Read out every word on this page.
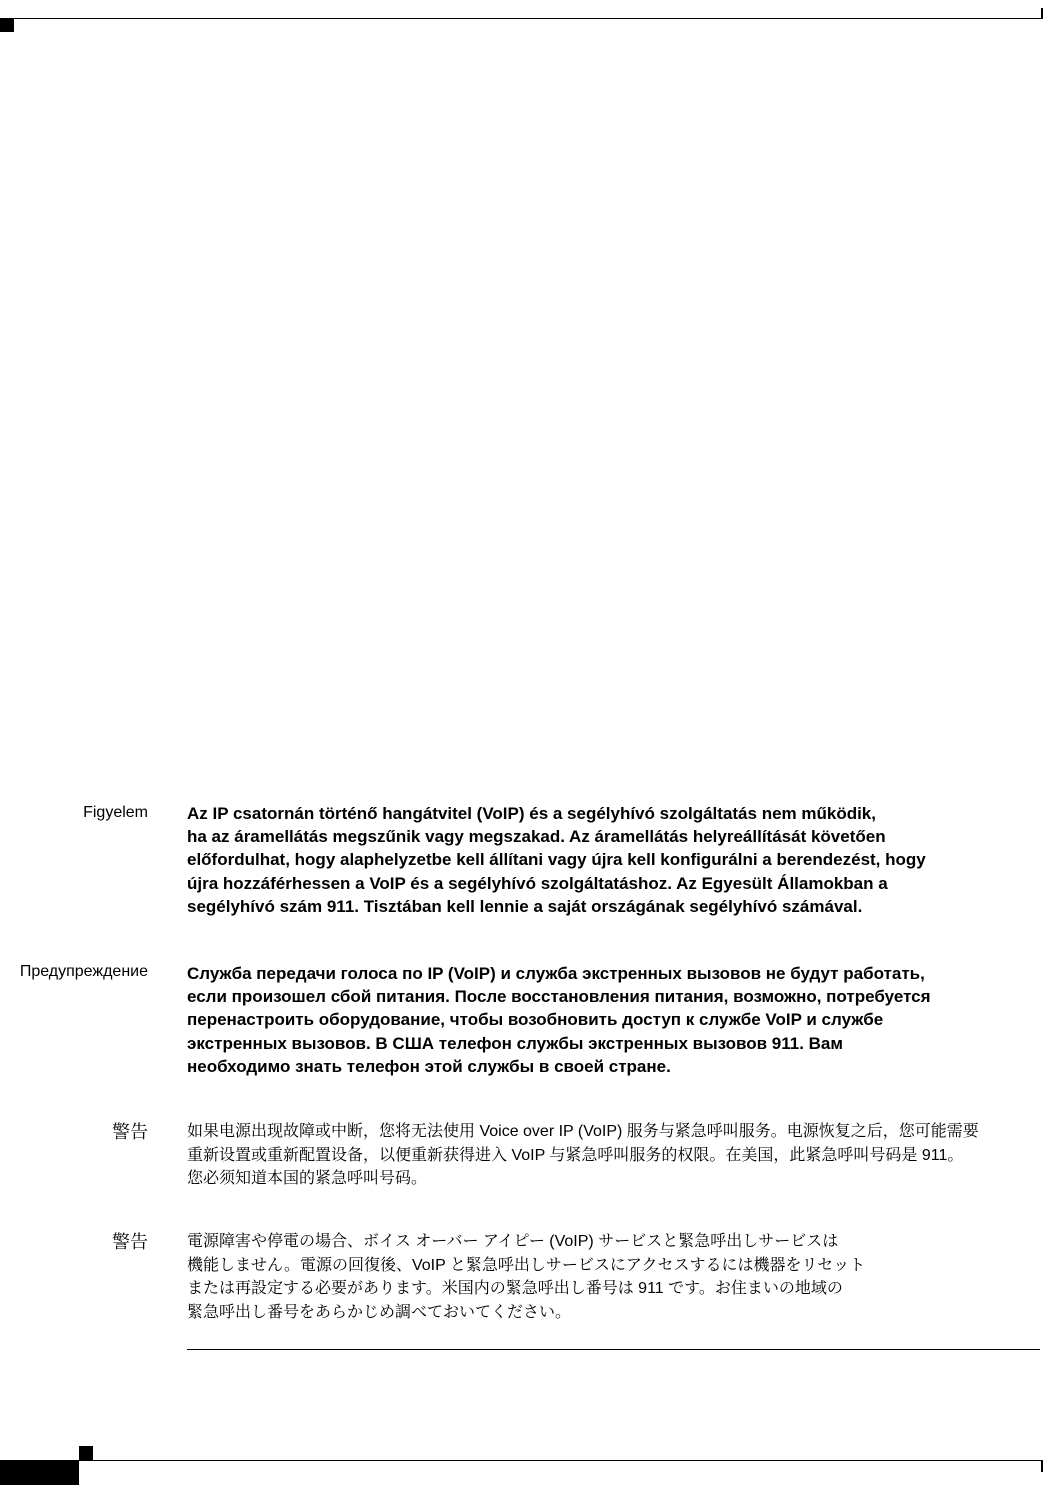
Figyelem Az IP csatornán történő hangátvitel (VoIP) és a segélyhívó szolgáltatás nem működik,
ha az áramellátás megszűnik vagy megszakad. Az áramellátás helyreállítását követően
előfordulhat, hogy alaphelyzetbe kell állítani vagy újra kell konfigurálni a berendezést, hogy
újra hozzáférhessen a VoIP és a segélyhívó szolgáltatáshoz. Az Egyesült Államokban a
segélyhívó szám 911. Tisztában kell lennie a saját országának segélyhívó számával.
Предупреждение Служба передачи голоса по IP (VoIP) и служба экстренных вызовов не будут работать,
если произошел сбой питания. После восстановления питания, возможно, потребуется
перенастроить оборудование, чтобы возобновить доступ к службе VoIP и службе
экстренных вызовов. В США телефон службы экстренных вызовов 911. Вам
необходимо знать телефон этой службы в своей стране.
警告 如果电源出现故障或中断，您将无法使用 Voice over IP (VoIP) 服务与紧急呼叫服务。电源恢复之后，您可能需要
重新设置或重新配置设备，以便重新获得进入 VoIP 与紧急呼叫服务的权限。在美国，此紧急呼叫号码是 911。
您必须知道本国的紧急呼叫号码。
警告 電源障害や停電の場合、ボイス オーバー アイピー (VoIP) サービスと緊急呼出しサービスは
機能しません。電源の回復後、VoIP と緊急呼出しサービスにアクセスするには機器をリセット
または再設定する必要があります。米国内の緊急呼出し番号は 911 です。お住まいの地域の
緊急呼出し番号をあらかじめ調べておいてください。
